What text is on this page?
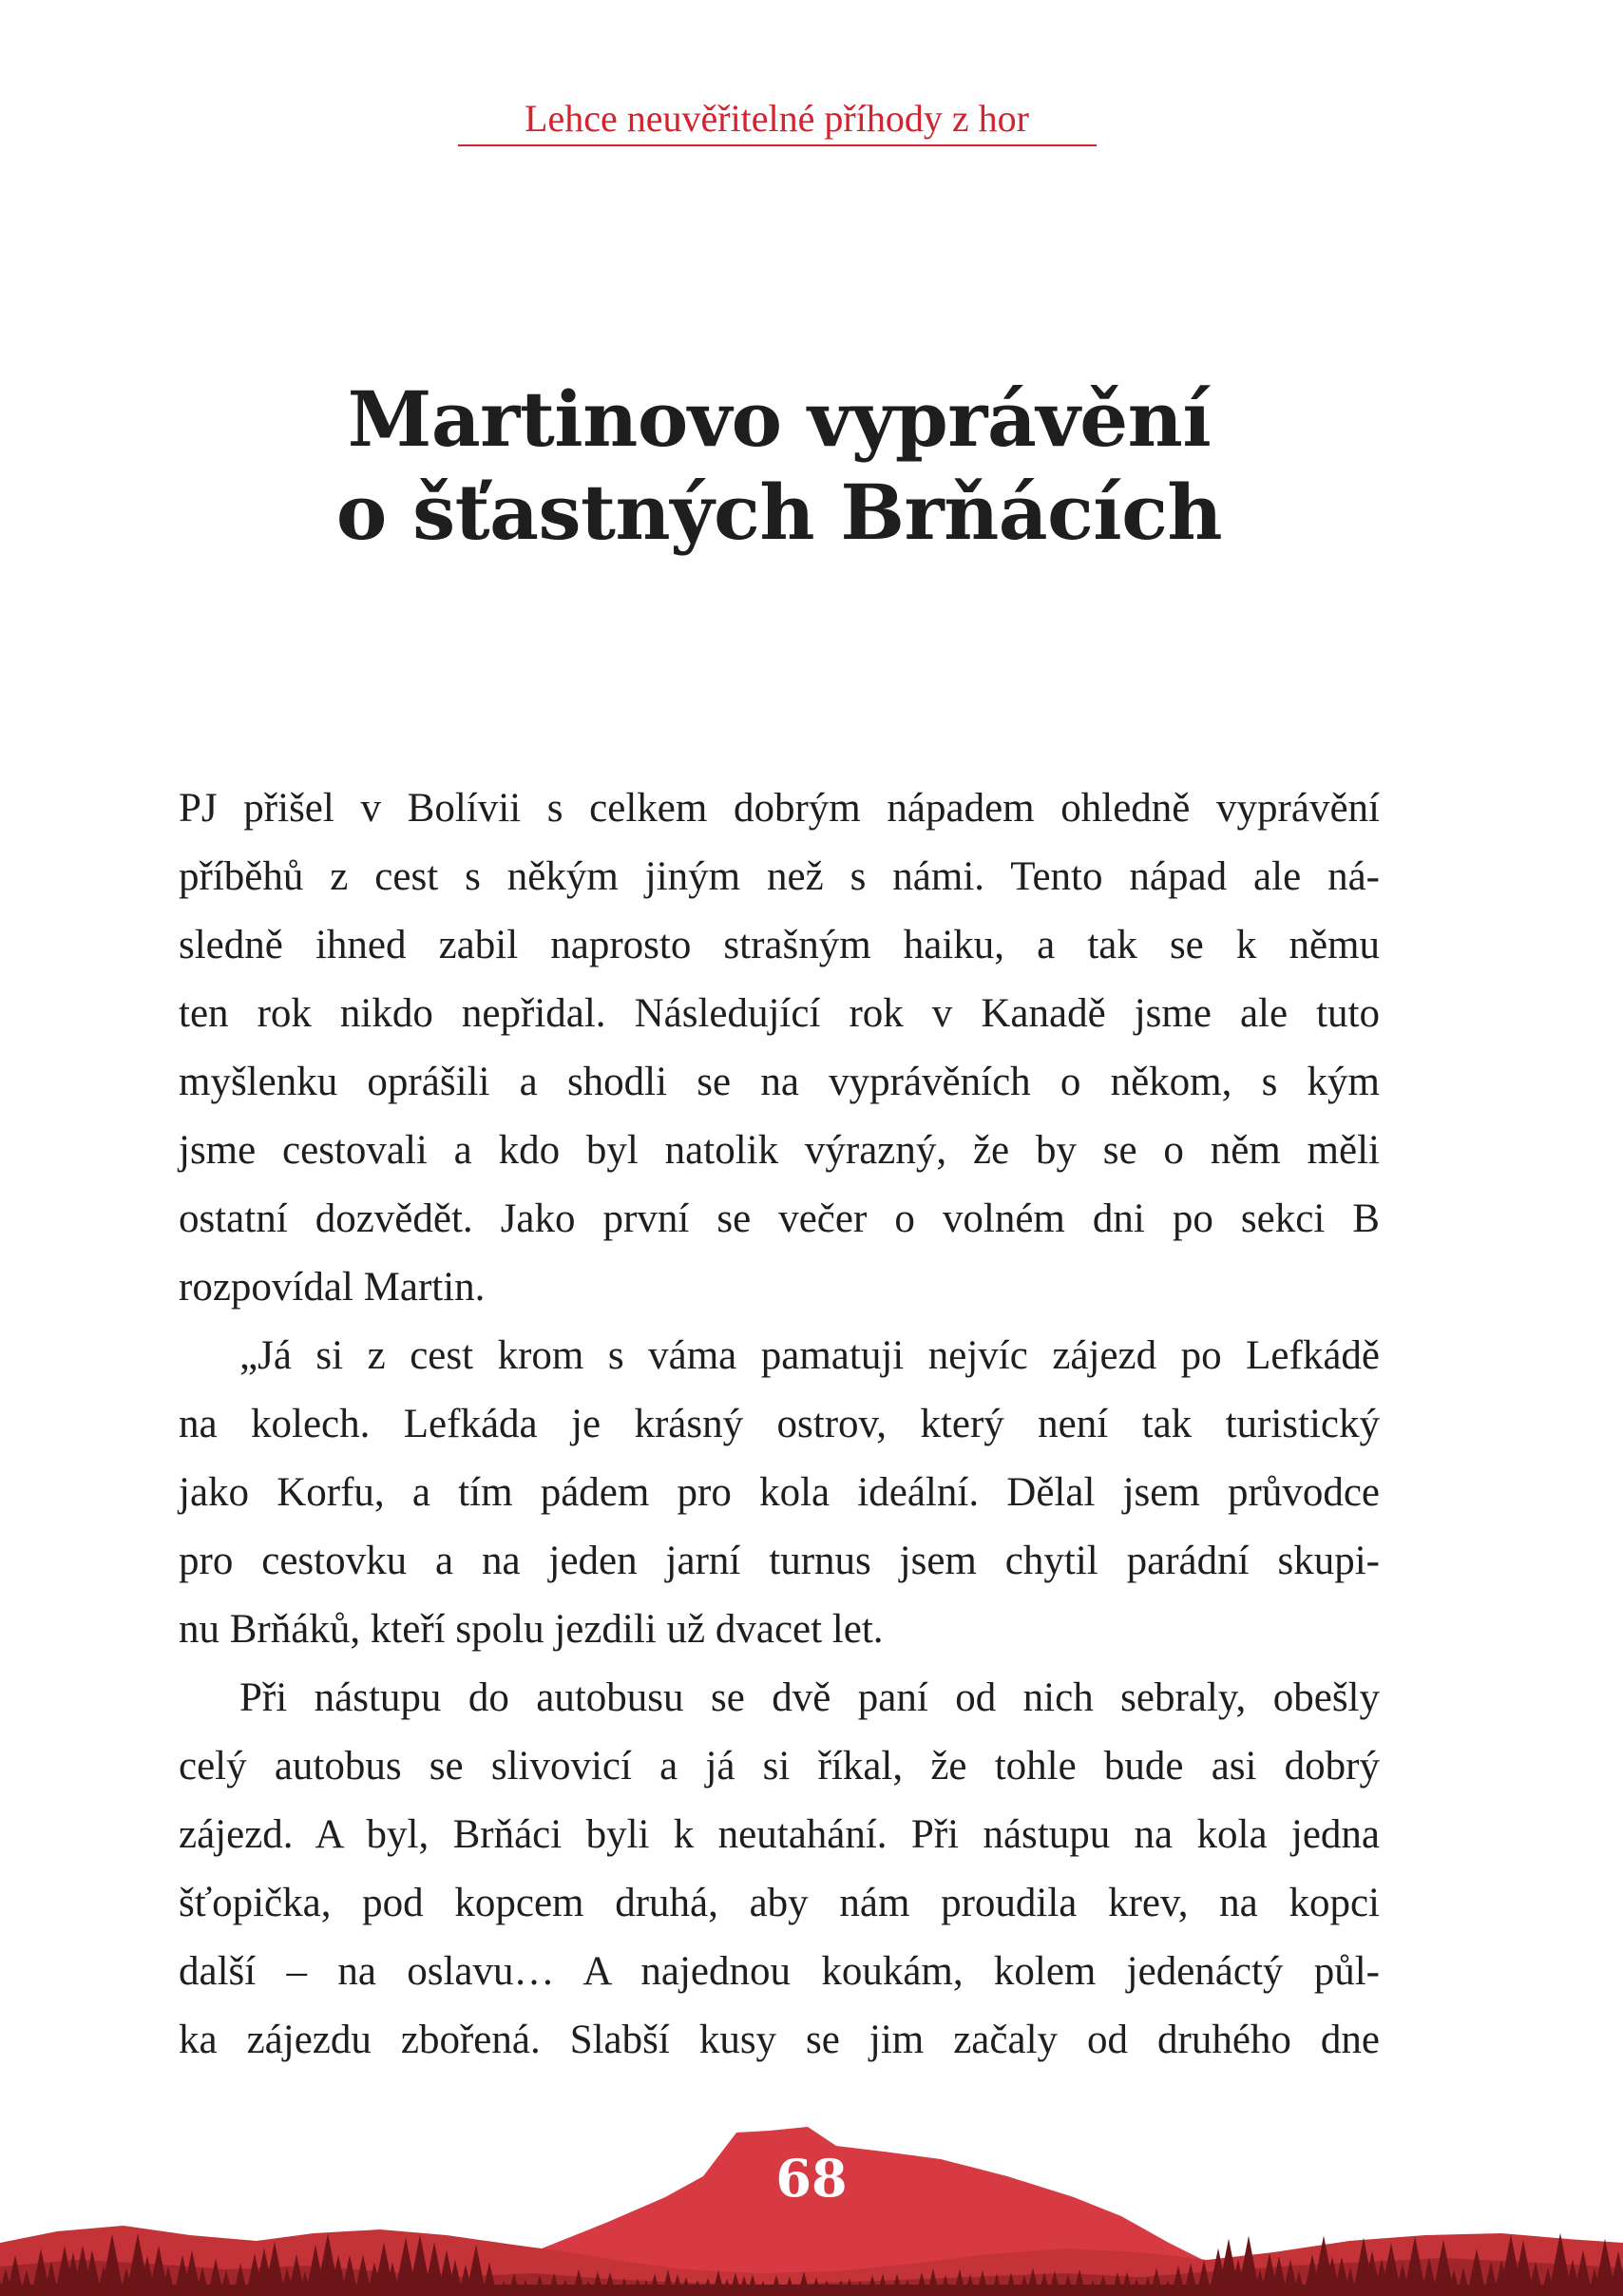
Lehce neuvěřitelné příhody z hor
Martinovo vyprávění
o šťastných Brňácích
PJ přišel v Bolívii s celkem dobrým nápadem ohledně vyprávění
příběhů z cest s někým jiným než s námi. Tento nápad ale ná-
sledně ihned zabil naprosto strašným haiku, a tak se k němu
ten rok nikdo nepřidal. Následující rok v Kanadě jsme ale tuto
myšlenku oprášili a shodli se na vyprávěních o někom, s kým
jsme cestovali a kdo byl natolik výrazný, že by se o něm měli
ostatní dozvědět. Jako první se večer o volném dni po sekci B
rozpovídal Martin.
„Já si z cest krom s váma pamatuji nejvíc zájezd po Lefkádě
na kolech. Lefkáda je krásný ostrov, který není tak turistický
jako Korfu, a tím pádem pro kola ideální. Dělal jsem průvodce
pro cestovku a na jeden jarní turnus jsem chytil parádní skupi-
nu Brňáků, kteří spolu jezdili už dvacet let.
Při nástupu do autobusu se dvě paní od nich sebraly, obešly
celý autobus se slivovicí a já si říkal, že tohle bude asi dobrý
zájezd. A byl, Brňáci byli k neutahání. Při nástupu na kola jedna
šťopička, pod kopcem druhá, aby nám proudila krev, na kopci
další – na oslavu… A najednou koukám, kolem jedenáctý půl-
ka zájezdu zbořená. Slabší kusy se jim začaly od druhého dne
68
